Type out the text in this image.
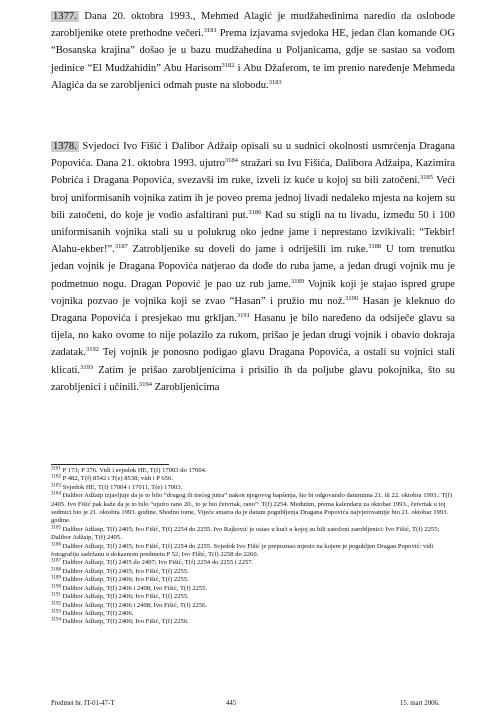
1377. Dana 20. oktobra 1993., Mehmed Alagić je mudžahedinima naredio da oslobode zarobljenike otete prethodne večeri.$^{3181}$ Prema izjavama svjedoka HE, jedan član komande OG “Bosanska krajina” došao je u bazu mudžahedina u Poljanicama, gdje se sastao sa vođom jedinice “El Mudžahidin” Abu Harisom$^{3182}$ i Abu Džaferom, te im prenio naređenje Mehmeda Alagića da se zarobljenici odmah puste na slobodu.$^{3183}$
1378. Svjedoci Ivo Fišić i Dalibor Adžaip opisali su u sudnici okolnosti usmrćenja Dragana Popovića. Dana 21. oktobra 1993. ujutro$^{3184}$ stražari su Ivu Fišića, Dalibora Adžaipa, Kazimira Pobrića i Dragana Popovića, svezavši im ruke, izveli iz kuće u kojoj su bili zatočeni.$^{3185}$ Veći broj uniformisanih vojnika zatim ih je poveo prema jednoj livadi nedaleko mjesta na kojem su bili zatočeni, do koje je vodio asfaltirani put.$^{3186}$ Kad su stigli na tu livadu, između 50 i 100 uniformisanih vojnika stali su u polukrug oko jedne jame i neprestano izvikivali: “Tekbir! Alahu-ekber!”.$^{3187}$ Zatrobljenike su doveli do jame i odriješili im ruke.$^{3188}$ U tom trenutku jedan vojnik je Dragana Popovića natjerao da dođe do ruba jame, a jedan drugi vojnik mu je podmetnuo nogu. Dragan Popović je pao uz rub jame.$^{3189}$ Vojnik koji je stajao ispred grupe vojnika pozvao je vojnika koji se zvao “Hasan” i pružio mu nož.$^{3190}$ Hasan je kleknuo do Dragana Popovića i presjekao mu grkljan.$^{3191}$ Hasanu je bilo naređeno da odsiječe glavu sa tijela, no kako ovome to nije polazilo za rukom, prišao je jedan drugi vojnik i obavio dokraja zadatak.$^{3192}$ Tej vojnik je ponosno podigao glavu Dragana Popovića, a ostali su vojnici stali klicati.$^{3193}$ Zatim je prišao zarobljenicima i prisilio ih da poljube glavu pokojnika, što su zarobljenici i učinili.$^{3194}$ Zarobljenicima

$^{3181}$ P 173; P 376. Vidi i svjedok HE, T(f) 17003 do 17004.

$^{3182}$ P 482, T(f) 8542 i T(e) 8538; vidi i P 656.

$^{3183}$ Svjedok HE, T(f) 17004 i 17011, T(e) 17003.

$^{3184}$ Dalibor Adžaip izjavljuje da je to bilo “drugog ili trećeg jutra” nakon njegovog hapšenja, što bi odgovaralo datumima 21. ili 22. oktobra 1993.: T(f) 2405. Ivo Fišić pak kaže da je to bilo “ujutro rano 20., to je bio četvrtak, rano”: T(f) 2254. Međutim, prema kalendaru za oktobar 1993., četvrtak u toj sedmici bio je 21. oktobra 1993. godine. Shodno tome, Vijeće smatra da je datum pogubljenja Dragana Popovića najvjerovatnije bio 21. oktobar 1993. godine.

$^{3185}$ Dalibor Adžaip, T(f) 2405; Ivo Fišić, T(f) 2254 do 2255. Ivo Rajković je ostao u kući u kojoj su bili zatočeni zarobljenici: Ivo Fišić, T(f) 2255; Dalibor Adžaip, T(f) 2405.

$^{3186}$ Dalibor Adžaip, T(f) 2405; Ivo Fišić, T(f) 2254 do 2255. Svjedok Ivo Fišić je prepoznao mjesto na kojem je pogubljen Dragan Popović: vidi fotografiju sadržanu u dokaznom predmetu P 52; Ivo Fišić, T(f) 2258 do 2260.

$^{3187}$ Dalibor Adžaip, T(f) 2405 do 2407; Ivo Fišić, T(f) 2254 do 2255 i 2257.

$^{3188}$ Dalibor Adžaip, T(f) 2405; Ivo Fišić, T(f) 2255.

$^{3189}$ Dalibor Adžaip, T(f) 2406; Ivo Fišić, T(f) 2255.

$^{3190}$ Dalibor Adžaip, T(f) 2406 i 2408; Ivo Fišić, T(f) 2255.

$^{3191}$ Dalibor Adžaip, T(f) 2406; Ivo Fišić, T(f) 2255.

$^{3192}$ Dalibor Adžaip, T(f) 2406 i 2408; Ivo Fišić, T(f) 2256.

$^{3193}$ Dalibor Adžaip, T(f) 2406.

$^{3194}$ Dalibor Adžaip, T(f) 2406; Ivo Fišić, T(f) 2256.

Predmet br. IT-01-47-T	445	15. mart 2006.
